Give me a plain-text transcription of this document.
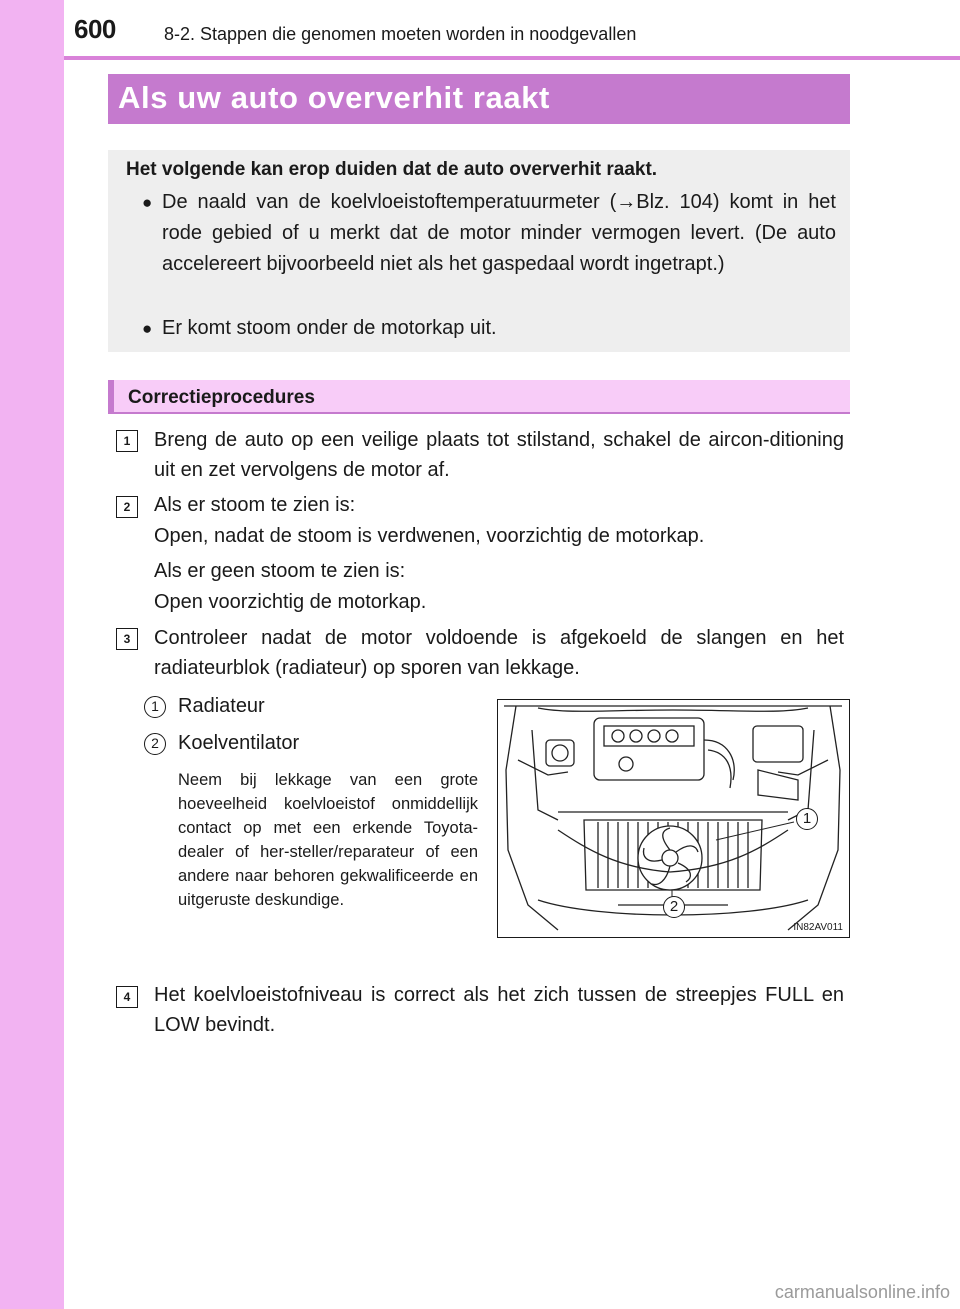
600	8-2. Stappen die genomen moeten worden in noodgevallen
Als uw auto oververhit raakt
Het volgende kan erop duiden dat de auto oververhit raakt.
● De naald van de koelvloeistoftemperatuurmeter (→Blz. 104) komt in het rode gebied of u merkt dat de motor minder vermogen levert. (De auto accelereert bijvoorbeeld niet als het gaspedaal wordt ingetrapt.)
● Er komt stoom onder de motorkap uit.
Correctieprocedures
1	Breng de auto op een veilige plaats tot stilstand, schakel de aircon-ditioning uit en zet vervolgens de motor af.
2	Als er stoom te zien is:
Open, nadat de stoom is verdwenen, voorzichtig de motorkap.
Als er geen stoom te zien is:
Open voorzichtig de motorkap.
3	Controleer nadat de motor voldoende is afgekoeld de slangen en het radiateurblok (radiateur) op sporen van lekkage.
1 Radiateur
2 Koelventilator
Neem bij lekkage van een grote hoeveelheid koelvloeistof onmiddellijk contact op met een erkende Toyota-dealer of her-steller/reparateur of een andere naar behoren gekwalificeerde en uitgeruste deskundige.
1
2
IN82AV011
4	Het koelvloeistofniveau is correct als het zich tussen de streepjes FULL en LOW bevindt.
carmanualsonline.info
